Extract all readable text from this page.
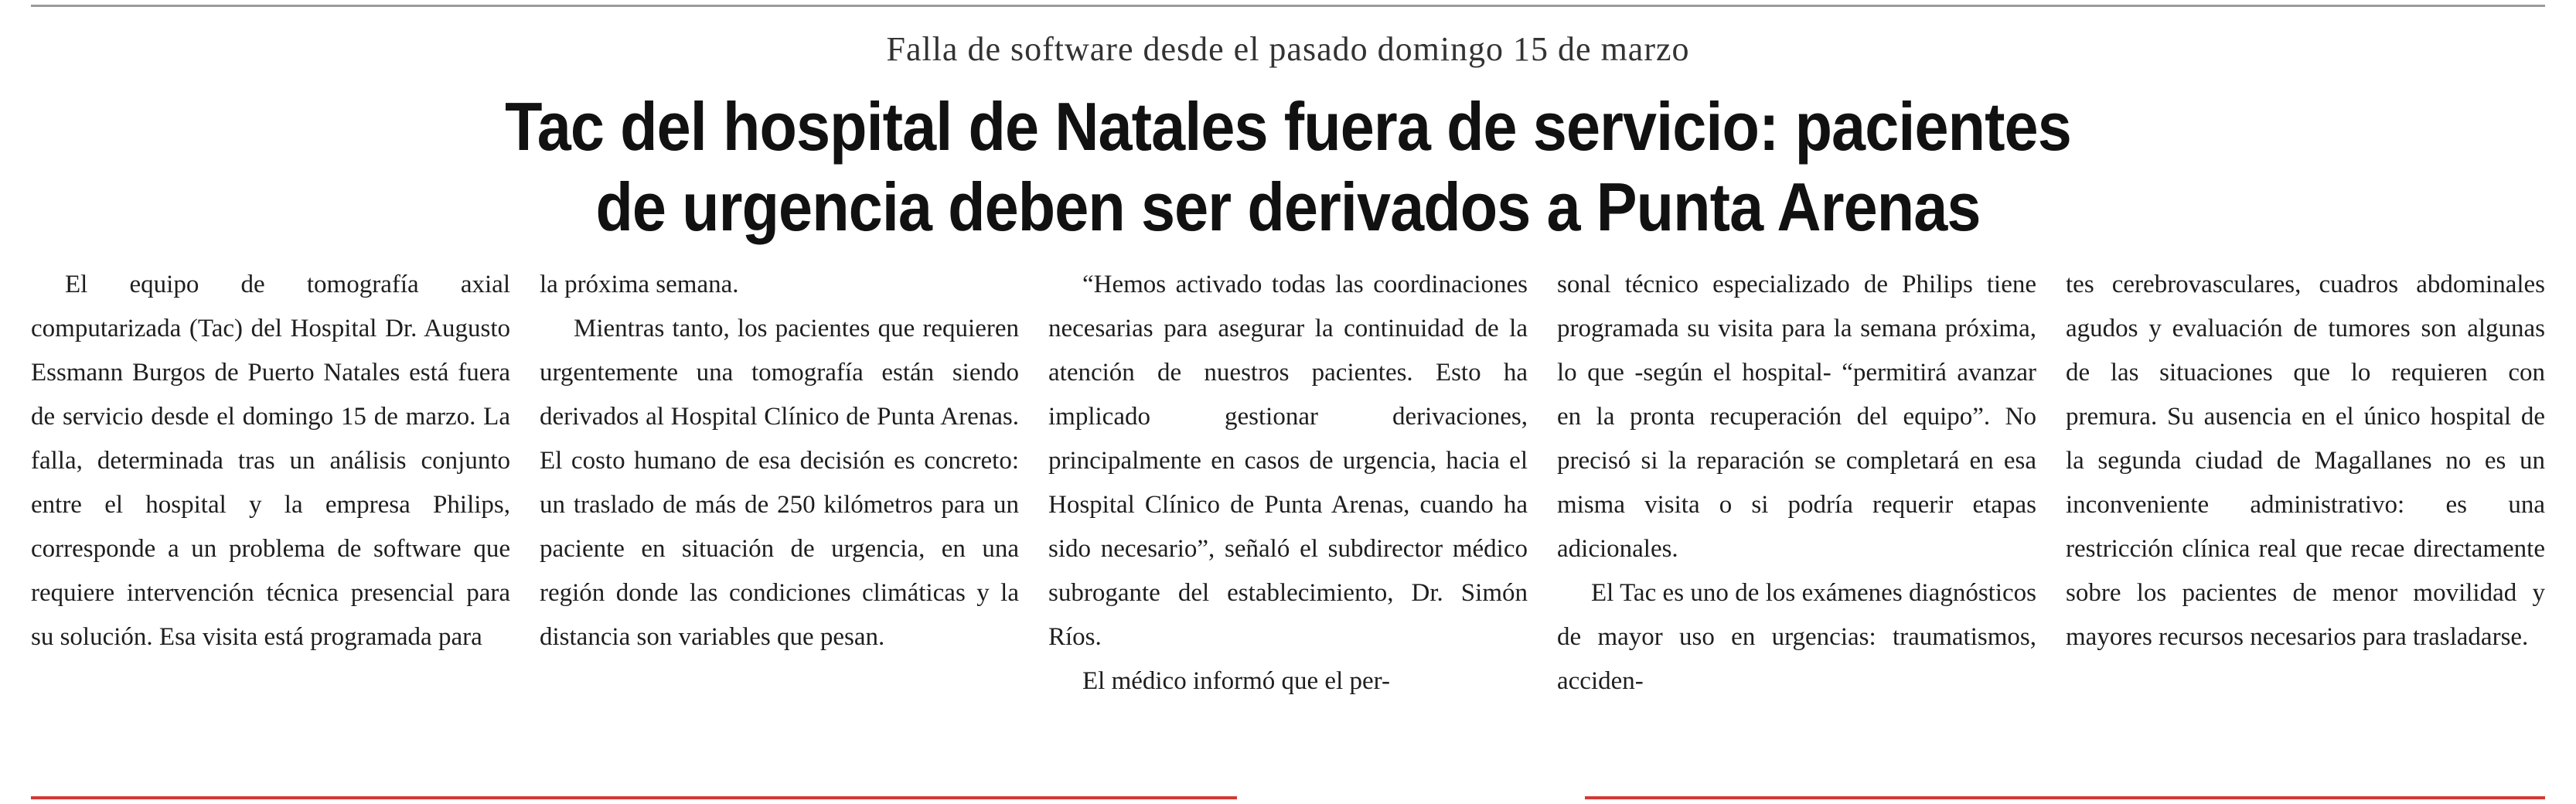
Falla de software desde el pasado domingo 15 de marzo
Tac del hospital de Natales fuera de servicio: pacientes
de urgencia deben ser derivados a Punta Arenas

El equipo de tomografía axial computarizada (Tac) del Hospital Dr. Augusto Essmann Burgos de Puerto Natales está fuera de servicio desde el domingo 15 de marzo. La falla, determinada tras un análisis conjunto entre el hospital y la empresa Philips, corresponde a un problema de software que requiere intervención técnica presencial para su solución. Esa visita está programada para

la próxima semana.

Mientras tanto, los pacientes que requieren urgentemente una tomografía están siendo derivados al Hospital Clínico de Punta Arenas. El costo humano de esa decisión es concreto: un traslado de más de 250 kilómetros para un paciente en situación de urgencia, en una región donde las condiciones climáticas y la distancia son variables que pesan.

“Hemos activado todas las coordinaciones necesarias para asegurar la continuidad de la atención de nuestros pacientes. Esto ha implicado gestionar derivaciones, principalmente en casos de urgencia, hacia el Hospital Clínico de Punta Arenas, cuando ha sido necesario”, señaló el subdirector médico subrogante del establecimiento, Dr. Simón Ríos.

El médico informó que el per-

sonal técnico especializado de Philips tiene programada su visita para la semana próxima, lo que -según el hospital- “permitirá avanzar en la pronta recuperación del equipo”. No precisó si la reparación se completará en esa misma visita o si podría requerir etapas adicionales.

El Tac es uno de los exámenes diagnósticos de mayor uso en urgencias: traumatismos, acciden-

tes cerebrovasculares, cuadros abdominales agudos y evaluación de tumores son algunas de las situaciones que lo requieren con premura. Su ausencia en el único hospital de la segunda ciudad de Magallanes no es un inconveniente administrativo: es una restricción clínica real que recae directamente sobre los pacientes de menor movilidad y mayores recursos necesarios para trasladarse.
